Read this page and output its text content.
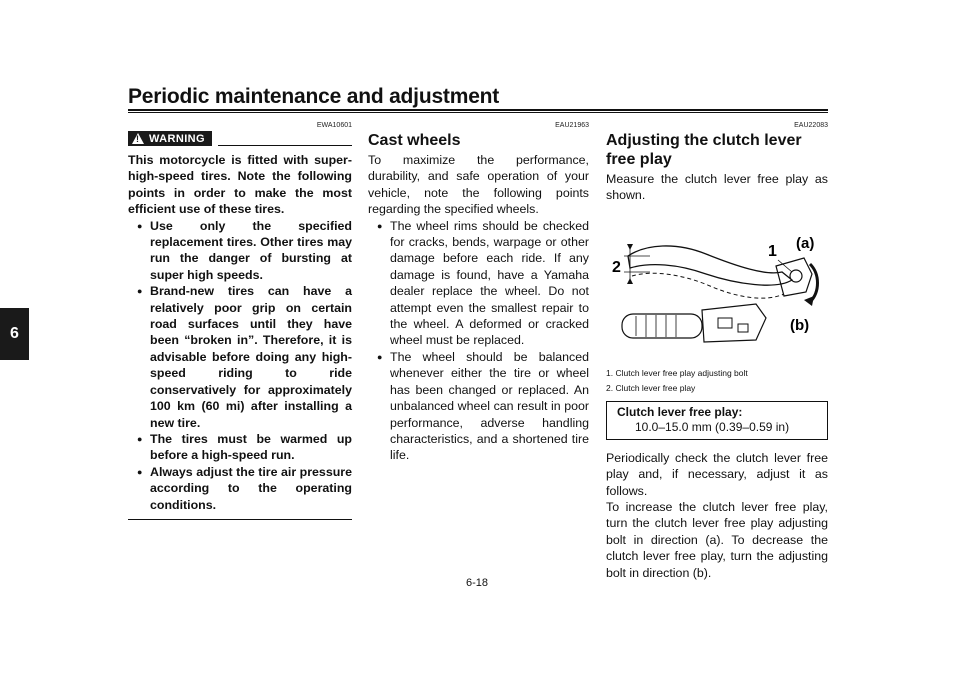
Periodic maintenance and adjustment
6
EWA10601
!
WARNING

This motorcycle is fitted with super-high-speed tires. Note the following points in order to make the most efficient use of these tires.

● Use only the specified replacement tires. Other tires may run the danger of bursting at super high speeds.
● Brand-new tires can have a relatively poor grip on certain road surfaces until they have been “broken in”. Therefore, it is advisable before doing any high-speed riding to ride conservatively for approximately 100 km (60 mi) after installing a new tire.
● The tires must be warmed up before a high-speed run.
● Always adjust the tire air pressure according to the operating conditions.
EAU21963
Cast wheels

To maximize the performance, durability, and safe operation of your vehicle, note the following points regarding the specified wheels.

● The wheel rims should be checked for cracks, bends, warpage or other damage before each ride. If any damage is found, have a Yamaha dealer replace the wheel. Do not attempt even the smallest repair to the wheel. A deformed or cracked wheel must be replaced.
● The wheel should be balanced whenever either the tire or wheel has been changed or replaced. An unbalanced wheel can result in poor performance, adverse handling characteristics, and a shortened tire life.
EAU22083
Adjusting the clutch lever free play

Measure the clutch lever free play as shown.

2
1 (a)
(b)
1. Clutch lever free play adjusting bolt
2. Clutch lever free play
Clutch lever free play:
10.0–15.0 mm (0.39–0.59 in)

Periodically check the clutch lever free play and, if necessary, adjust it as follows.

To increase the clutch lever free play, turn the clutch lever free play adjusting bolt in direction (a). To decrease the clutch lever free play, turn the adjusting bolt in direction (b).

6-18
